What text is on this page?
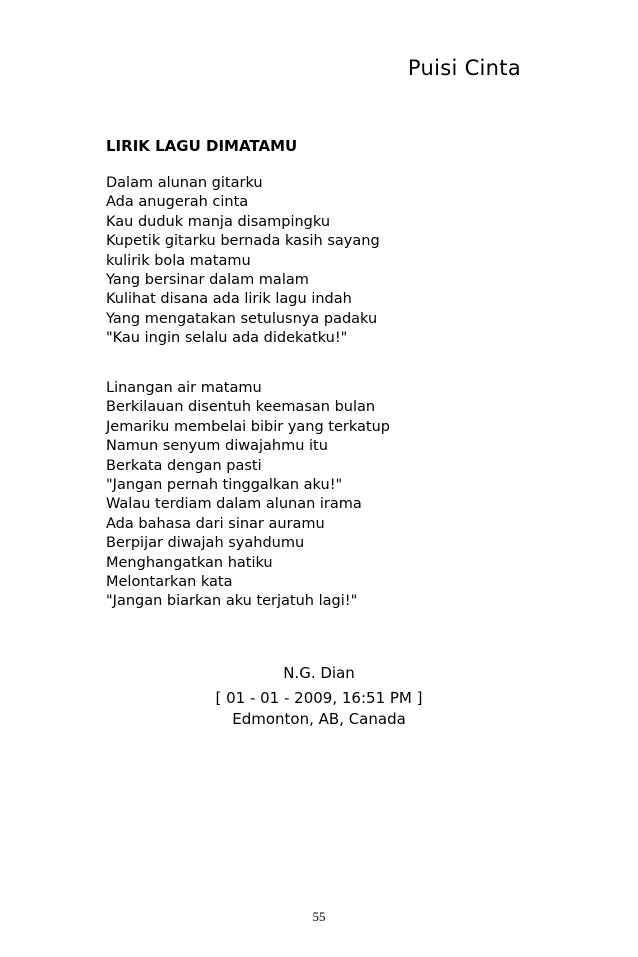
Puisi Cinta
LIRIK LAGU DIMATAMU
Dalam alunan gitarku
Ada anugerah cinta
Kau duduk manja disampingku
Kupetik gitarku bernada kasih sayang
kulirik bola matamu
Yang bersinar dalam malam
Kulihat disana ada lirik lagu indah
Yang mengatakan setulusnya padaku
"Kau ingin selalu ada didekatku!"
Linangan air matamu
Berkilauan disentuh keemasan bulan
Jemariku membelai bibir yang terkatup
Namun senyum diwajahmu itu
Berkata dengan pasti
"Jangan pernah tinggalkan aku!"
Walau terdiam dalam alunan irama
Ada bahasa dari sinar auramu
Berpijar diwajah syahdumu
Menghangatkan hatiku
Melontarkan kata
"Jangan biarkan aku terjatuh lagi!"
N.G. Dian
[ 01 - 01 - 2009, 16:51 PM ]
Edmonton, AB, Canada
55
